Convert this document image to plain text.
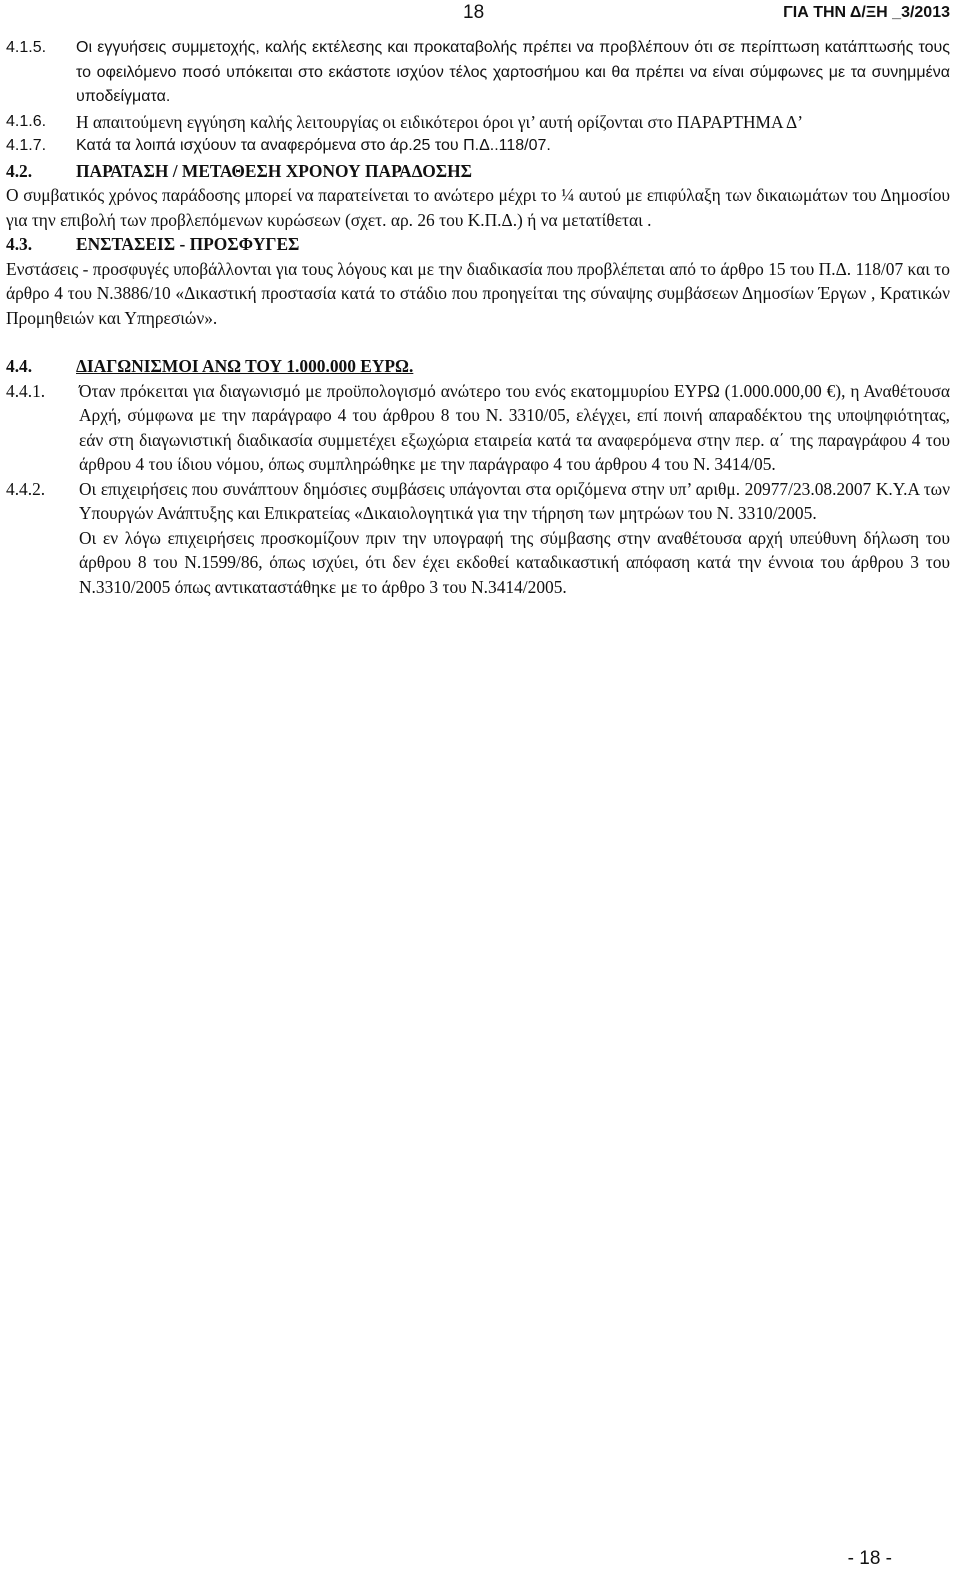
18	ΓΙΑ ΤΗΝ Δ/ΞΗ _3/2013

4.1.5. Οι εγγυήσεις συμμετοχής, καλής εκτέλεσης και προκαταβολής πρέπει να προβλέπουν ότι σε περίπτωση κατάπτωσής τους το οφειλόμενο ποσό υπόκειται στο εκάστοτε ισχύον τέλος χαρτοσήμου και θα πρέπει να είναι σύμφωνες με τα συνημμένα υποδείγματα.

4.1.6. Η απαιτούμενη εγγύηση καλής λειτουργίας οι ειδικότεροι όροι γι’ αυτή ορίζονται στο ΠΑΡΑΡΤΗΜΑ Δ’

4.1.7. Κατά τα λοιπά ισχύουν τα αναφερόμενα στο άρ.25 του Π.Δ..118/07.

4.2.	ΠΑΡΑΤΑΣΗ / ΜΕΤΑΘΕΣΗ ΧΡΟΝΟΥ ΠΑΡΑΔΟΣΗΣ

Ο συμβατικός χρόνος παράδοσης μπορεί να παρατείνεται το ανώτερο μέχρι το ¼ αυτού με επιφύλαξη των δικαιωμάτων του Δημοσίου για την επιβολή των προβλεπόμενων κυρώσεων (σχετ. αρ. 26 του Κ.Π.Δ.) ή να μετατίθεται .

4.3.	ΕΝΣΤΑΣΕΙΣ - ΠΡΟΣΦΥΓΕΣ

Ενστάσεις - προσφυγές υποβάλλονται για τους λόγους και με την διαδικασία που προβλέπεται από το άρθρο 15 του Π.Δ. 118/07 και το άρθρο 4 του Ν.3886/10 «Δικαστική προστασία κατά το στάδιο που προηγείται της σύναψης συμβάσεων Δημοσίων Έργων , Κρατικών Προμηθειών και Υπηρεσιών».

4.4.	ΔΙΑΓΩΝΙΣΜΟΙ ΑΝΩ ΤΟΥ 1.000.000 ΕΥΡΩ.

4.4.1. Όταν πρόκειται για διαγωνισμό με προϋπολογισμό ανώτερο του ενός εκατομμυρίου ΕΥΡΩ (1.000.000,00 €), η Αναθέτουσα Αρχή, σύμφωνα με την παράγραφο 4 του άρθρου 8 του Ν. 3310/05, ελέγχει, επί ποινή απαραδέκτου της υποψηφιότητας, εάν στη διαγωνιστική διαδικασία συμμετέχει εξωχώρια εταιρεία κατά τα αναφερόμενα στην περ. α΄ της παραγράφου 4 του άρθρου 4 του ίδιου νόμου, όπως συμπληρώθηκε με την παράγραφο 4 του άρθρου 4 του Ν. 3414/05.

4.4.2. Οι επιχειρήσεις που συνάπτουν δημόσιες συμβάσεις υπάγονται στα οριζόμενα στην υπ’ αριθμ. 20977/23.08.2007 Κ.Υ.Α των Υπουργών Ανάπτυξης και Επικρατείας «Δικαιολογητικά για την τήρηση των μητρώων του Ν. 3310/2005.

Οι εν λόγω επιχειρήσεις προσκομίζουν πριν την υπογραφή της σύμβασης στην αναθέτουσα αρχή υπεύθυνη δήλωση του άρθρου 8 του Ν.1599/86, όπως ισχύει, ότι δεν έχει εκδοθεί καταδικαστική απόφαση κατά την έννοια του άρθρου 3 του Ν.3310/2005 όπως αντικαταστάθηκε με το άρθρο 3 του Ν.3414/2005.

- 18 -
